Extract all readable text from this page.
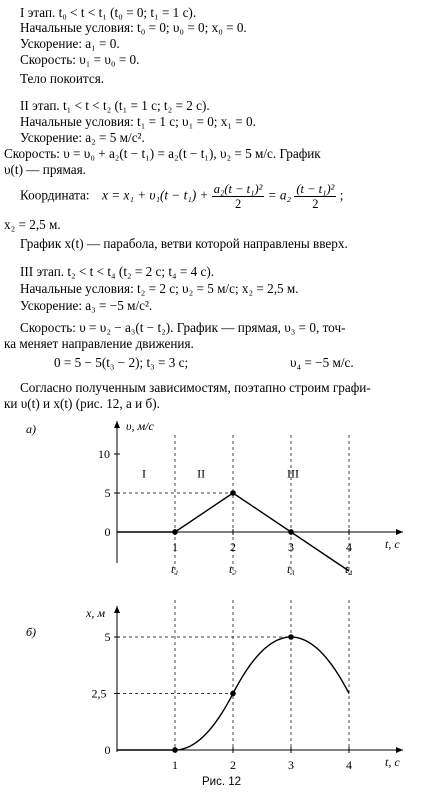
I этап. t₀ < t < t₁ (t₀ = 0; t₁ = 1 с).
Начальные условия: t₀ = 0; υ₀ = 0; x₀ = 0.
Ускорение: a₁ = 0.
Скорость: υ₁ = υ₀ = 0.
Тело покоится.
II этап. t₁ < t < t₂ (t₁ = 1 с; t₂ = 2 с).
Начальные условия: t₁ = 1 с; υ₁ = 0; x₁ = 0.
Ускорение: a₂ = 5 м/с².
Скорость: υ = υ₀ + a₂(t − t₁) = a₂(t − t₁), υ₂ = 5 м/с. График
υ(t) — прямая.
Координата: $x = x_1 + \upsilon_1(t - t_1) + \frac{\text{a₂(t − t₁)²}}{2} = a_2 \frac{\text{(t − t₁)²}}{2}$ ;
x₂ = 2,5 м.
График x(t) — парабола, ветви которой направлены вверх.
III этап. t₂ < t < t₄ (t₂ = 2 с; t₄ = 4 с).
Начальные условия: t₂ = 2 с; υ₂ = 5 м/с; x₂ = 2,5 м.
Ускорение: a₃ = −5 м/с².
Скорость: υ = υ₂ − a₃(t − t₂). График — прямая, υ₃ = 0, точ-
ка меняет направление движения.
0 = 5 − 5(t₃ − 2); t₃ = 3 с;	υ₄ = −5 м/с.
Согласно полученным зависимостям, поэтапно строим графи-
ки υ(t) и x(t) (рис. 12, а и б).
а)	υ, м/с
t, с
1	2	3	4
0
5
10
t₁	t₂	t₃	t₄
I	II	III
б)
x, м
t, с
1	2	3	4
0
2,5
5
Рис. 12
